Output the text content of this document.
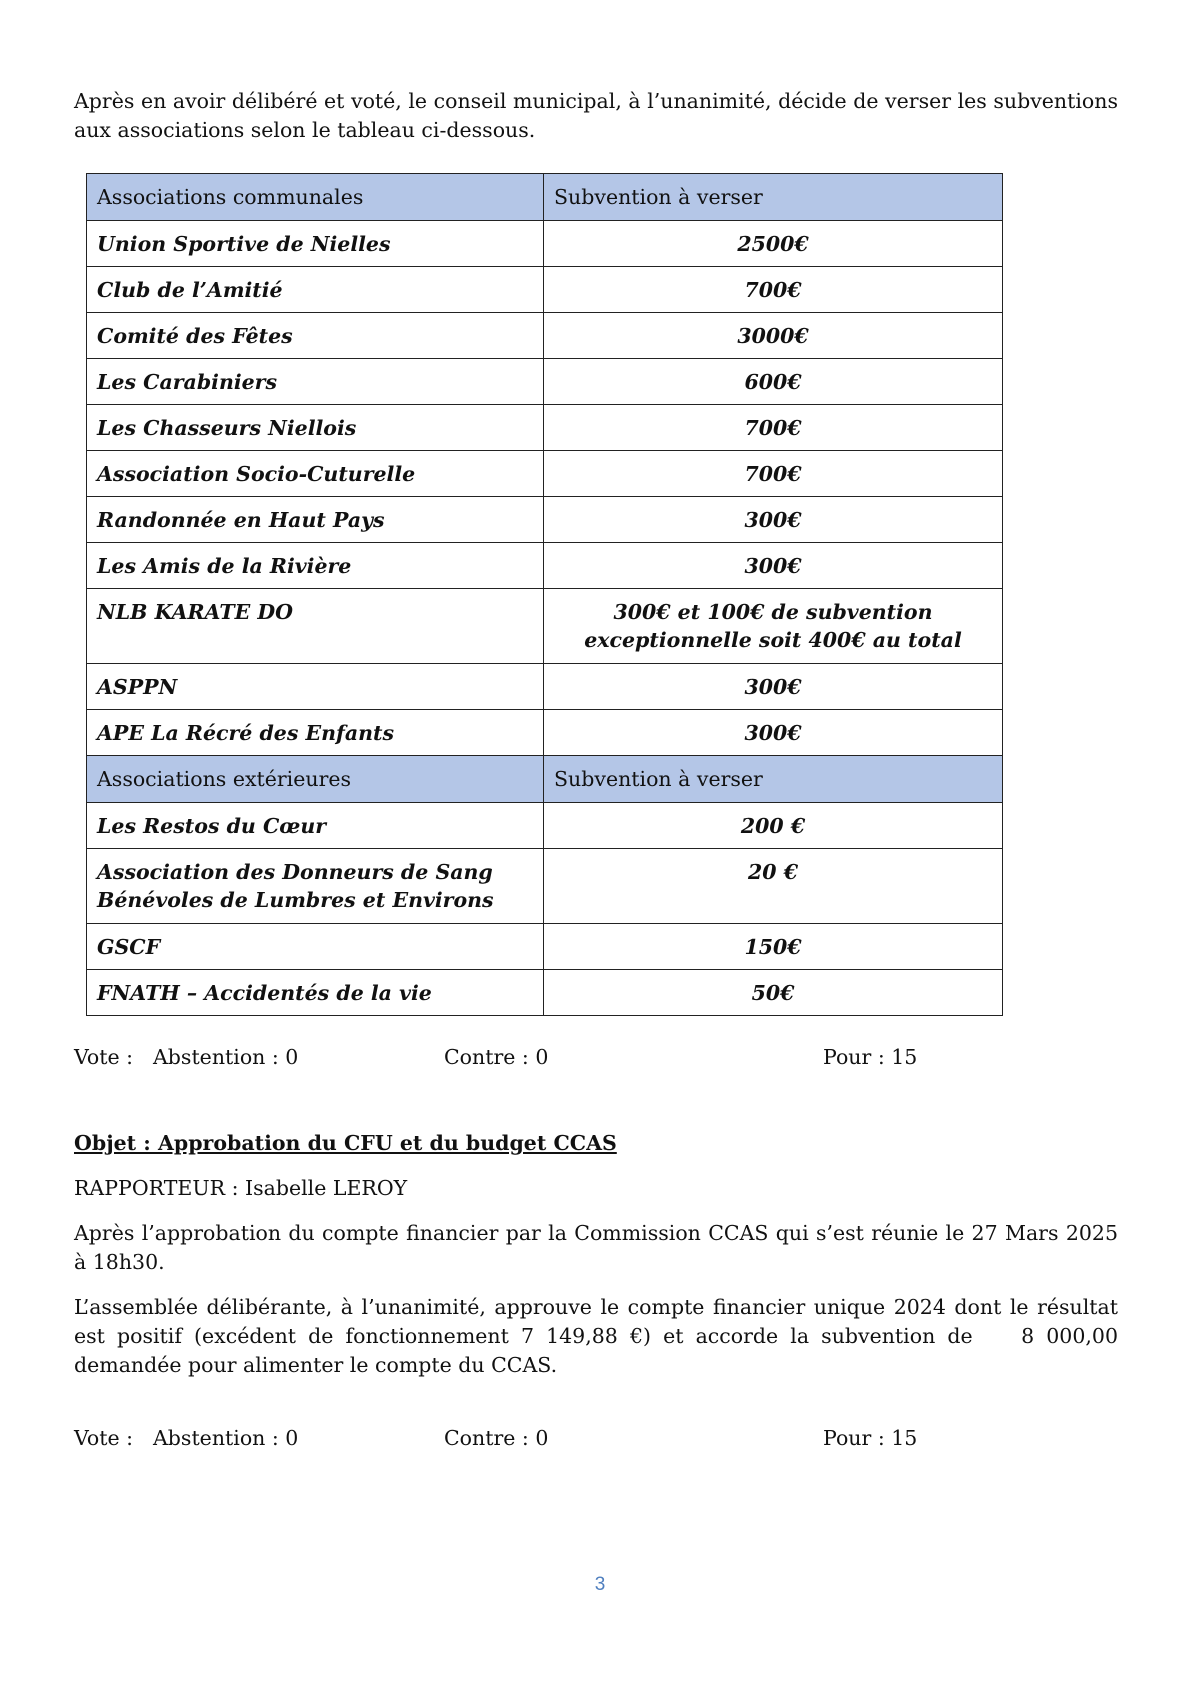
Après en avoir délibéré et voté, le conseil municipal, à l’unanimité, décide de verser les subventions aux associations selon le tableau ci-dessous.

Associations communales	Subvention à verser
Union Sportive de Nielles	2500€
Club de l’Amitié	700€
Comité des Fêtes	3000€
Les Carabiniers	600€
Les Chasseurs Niellois	700€
Association Socio-Cuturelle	700€
Randonnée en Haut Pays	300€
Les Amis de la Rivière	300€
NLB KARATE DO	300€ et 100€ de subvention exceptionnelle soit 400€ au total
ASPPN	300€
APE La Récré des Enfants	300€
Associations extérieures	Subvention à verser
Les Restos du Cœur	200 €
Association des Donneurs de Sang Bénévoles de Lumbres et Environs	20 €
GSCF	150€
FNATH – Accidentés de la vie	50€
Vote : Abstention : 0	Contre : 0	Pour : 15

Objet : Approbation du CFU et du budget CCAS

RAPPORTEUR : Isabelle LEROY

Après l’approbation du compte financier par la Commission CCAS qui s’est réunie le 27 Mars 2025 à 18h30.

L’assemblée délibérante, à l’unanimité, approuve le compte financier unique 2024 dont le résultat est positif (excédent de fonctionnement 7 149,88 €) et accorde la subvention de    8 000,00 demandée pour alimenter le compte du CCAS.

Vote : Abstention : 0	Contre : 0	Pour : 15
3
